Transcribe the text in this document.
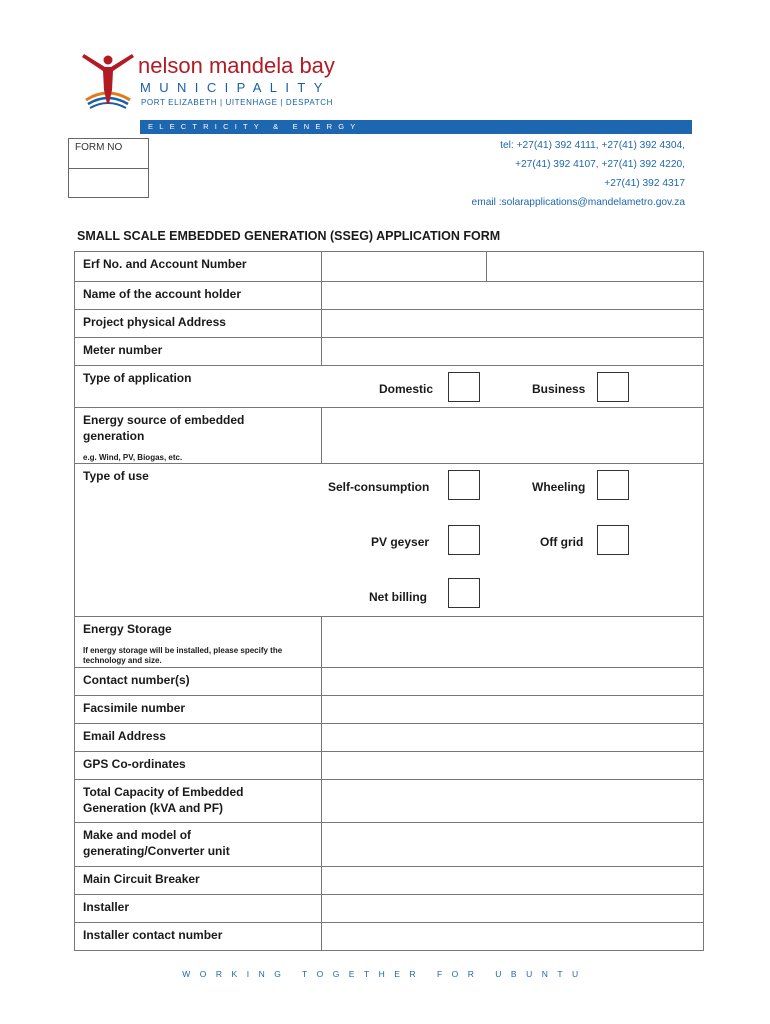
nelson mandela bay
MUNICIPALITY
PORT ELIZABETH | UITENHAGE | DESPATCH
ELECTRICITY & ENERGY
FORM NO	tel: +27(41) 392 4111, +27(41) 392 4304,
+27(41) 392 4107, +27(41) 392 4220,
+27(41) 392 4317
email :solarapplications@mandelametro.gov.za
SMALL SCALE EMBEDDED GENERATION (SSEG) APPLICATION FORM
Erf No. and Account Number
Name of the account holder
Project physical Address
Meter number
Type of application
Domestic	Business
Energy source of embedded generation
e.g. Wind, PV, Biogas, etc.
Type of use
Self-consumption	Wheeling
PV geyser	Off grid
Net billing
Energy Storage
If energy storage will be installed, please specify the technology and size.
Contact number(s)
Facsimile number
Email Address
GPS Co-ordinates
Total Capacity of Embedded Generation (kVA and PF)
Make and model of generating/Converter unit
Main Circuit Breaker
Installer
Installer contact number
WORKING TOGETHER FOR UBUNTU
